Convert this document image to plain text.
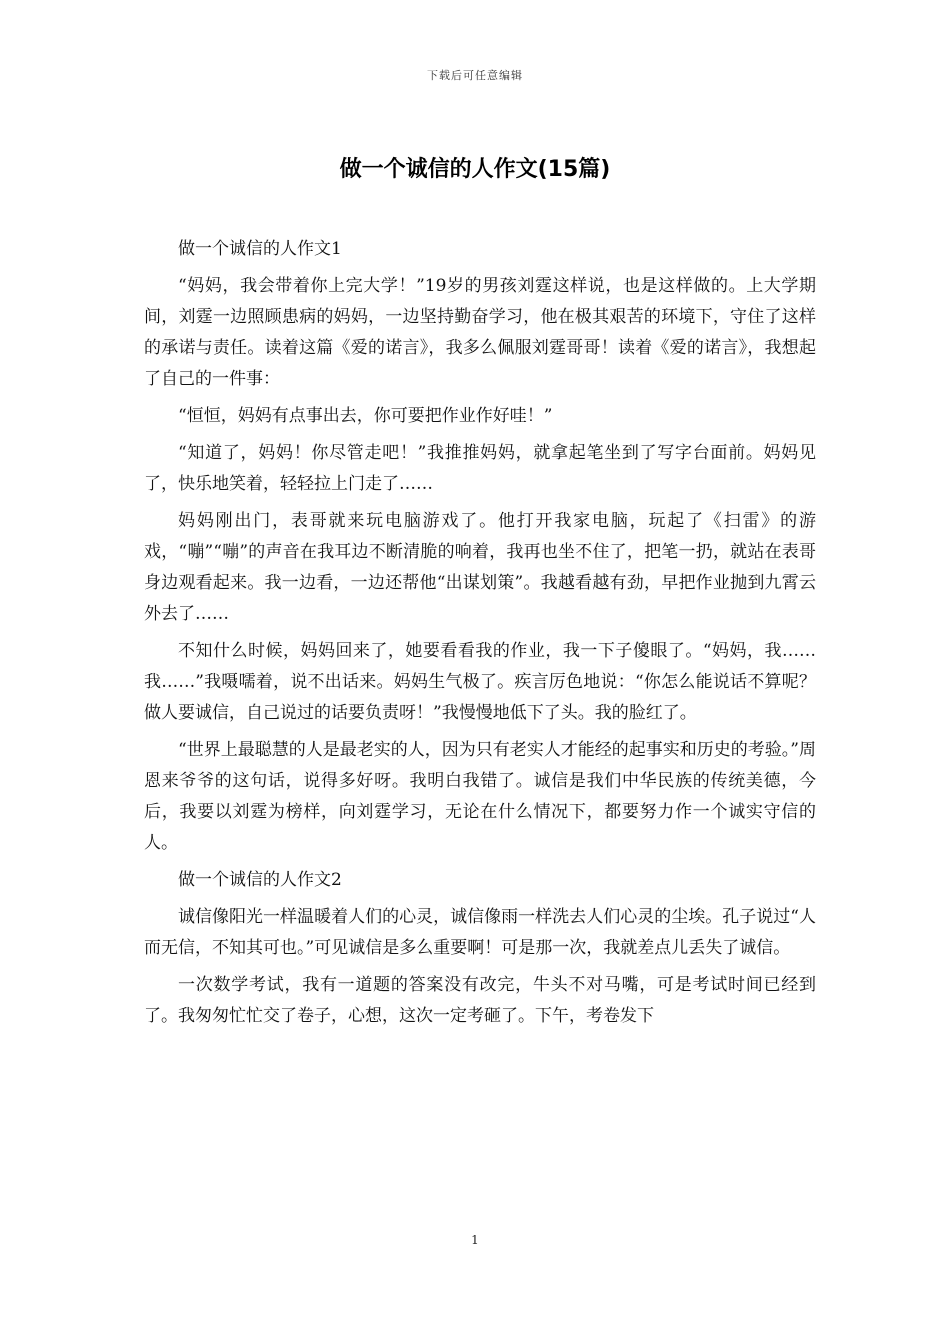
下载后可任意编辑
做一个诚信的人作文(15篇)

做一个诚信的人作文1

“妈妈，我会带着你上完大学！”19岁的男孩刘霆这样说，也是这样做的。上大学期间，刘霆一边照顾患病的妈妈，一边坚持勤奋学习，他在极其艰苦的环境下，守住了这样的承诺与责任。读着这篇《爱的诺言》，我多么佩服刘霆哥哥！读着《爱的诺言》，我想起了自己的一件事：

“恒恒，妈妈有点事出去，你可要把作业作好哇！”

“知道了，妈妈！你尽管走吧！”我推推妈妈，就拿起笔坐到了写字台面前。妈妈见了，快乐地笑着，轻轻拉上门走了……

妈妈刚出门，表哥就来玩电脑游戏了。他打开我家电脑，玩起了《扫雷》的游戏，“嘣”“嘣”的声音在我耳边不断清脆的响着，我再也坐不住了，把笔一扔，就站在表哥身边观看起来。我一边看，一边还帮他“出谋划策”。我越看越有劲，早把作业抛到九霄云外去了……

不知什么时候，妈妈回来了，她要看看我的作业，我一下子傻眼了。“妈妈，我……我……”我嗫嚅着，说不出话来。妈妈生气极了。疾言厉色地说：“你怎么能说话不算呢？做人要诚信，自己说过的话要负责呀！”我慢慢地低下了头。我的脸红了。

“世界上最聪慧的人是最老实的人，因为只有老实人才能经的起事实和历史的考验。”周恩来爷爷的这句话，说得多好呀。我明白我错了。诚信是我们中华民族的传统美德，今后，我要以刘霆为榜样，向刘霆学习，无论在什么情况下，都要努力作一个诚实守信的人。

做一个诚信的人作文2

诚信像阳光一样温暖着人们的心灵，诚信像雨一样洗去人们心灵的尘埃。孔子说过“人而无信，不知其可也。”可见诚信是多么重要啊！可是那一次，我就差点儿丢失了诚信。

一次数学考试，我有一道题的答案没有改完，牛头不对马嘴，可是考试时间已经到了。我匆匆忙忙交了卷子，心想，这次一定考砸了。下午，考卷发下

1
